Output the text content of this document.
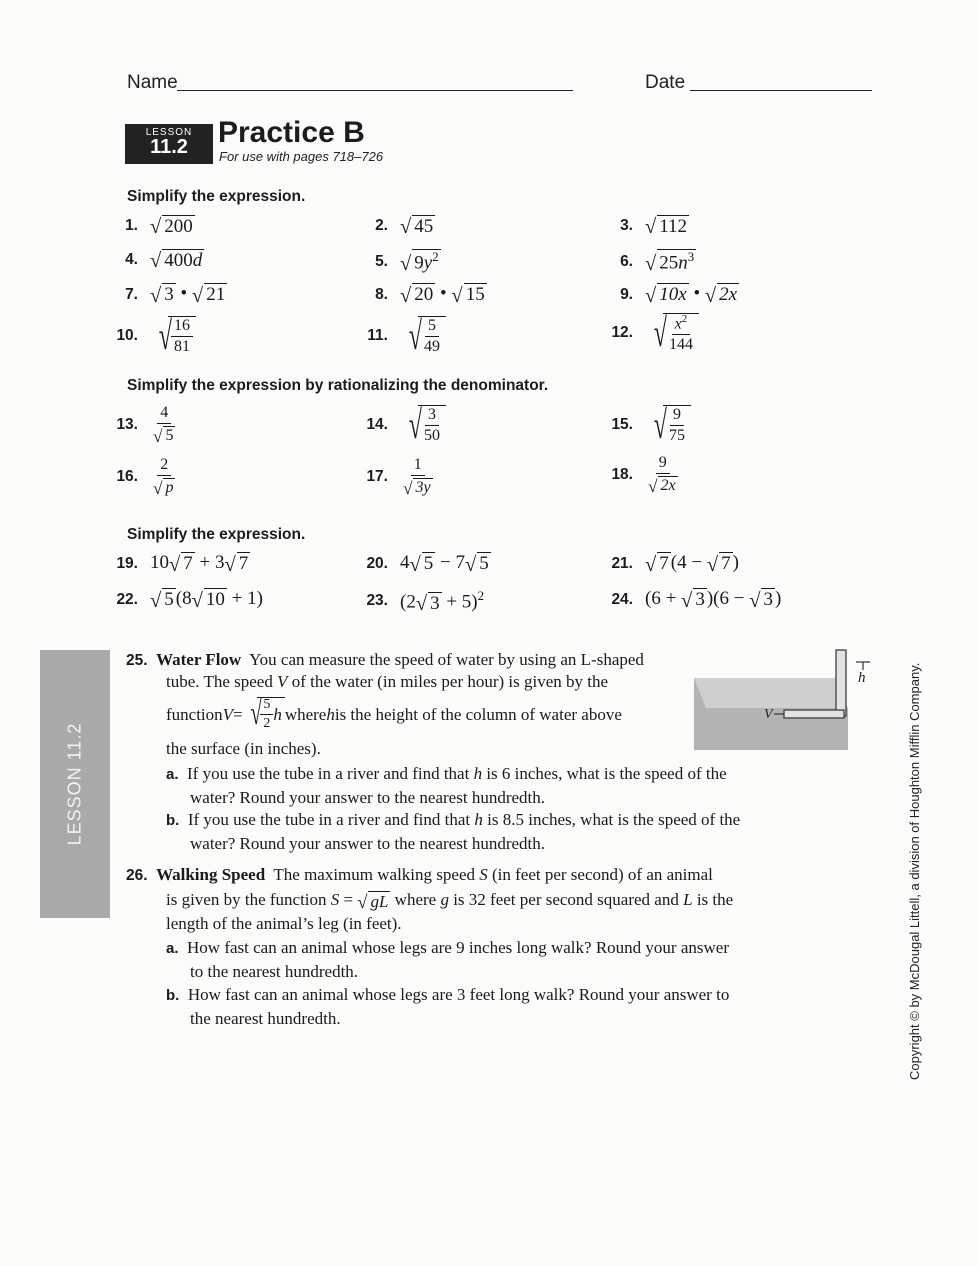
Name	Date
LESSON
11.2	Practice B
For use with pages 718–726
Simplify the expression.
1. √ 200	2. √ 45	3. √ 112
4. √ 400d	5. √ $9y^2$	6. √ $25n^3$
7. √ 3 • √ 21	8. √ 20 • √ 15	9. √ 10x • √ 2x
10. √ $\frac{16}{81}$	11. √ $\frac{5}{49}$	12. √ $\frac{x^2}{144}$
Simplify the expression by rationalizing the denominator.
13. $\frac{4}{√ 5}$	14. √ $\frac{3}{50}$	15. √ $\frac{9}{75}$
16. $\frac{2}{√ p}$	17. $\frac{1}{√ 3y}$	18. $\frac{9}{√ 2x}$
Simplify the expression.
19. 10 √ 7 + 3 √ 7	20. 4 √ 5 − 7 √ 5	21. √ 7 (4 − √ 7 )
22. √ 5 (8 √ 10 + 1)	23. (2 √ 3 + 5)$^2$	24. (6 + √ 3 )(6 − √ 3 )
LESSON 11.2
25. Water Flow You can measure the speed of water by using an L-shaped
tube. The speed V of the water (in miles per hour) is given by the
function V = √ $\frac{5}{2}$ h where h is the height of the column of water above
the surface (in inches).
a. If you use the tube in a river and find that h is 6 inches, what is the speed of the
water? Round your answer to the nearest hundredth.
b. If you use the tube in a river and find that h is 8.5 inches, what is the speed of the
water? Round your answer to the nearest hundredth.
h
V
26. Walking Speed The maximum walking speed S (in feet per second) of an animal
is given by the function S = √ gL where g is 32 feet per second squared and L is the
length of the animal’s leg (in feet).
a. How fast can an animal whose legs are 9 inches long walk? Round your answer
to the nearest hundredth.
b. How fast can an animal whose legs are 3 feet long walk? Round your answer to
the nearest hundredth.	Copyright © by McDougal Littell, a division of Houghton Mifflin Company.
